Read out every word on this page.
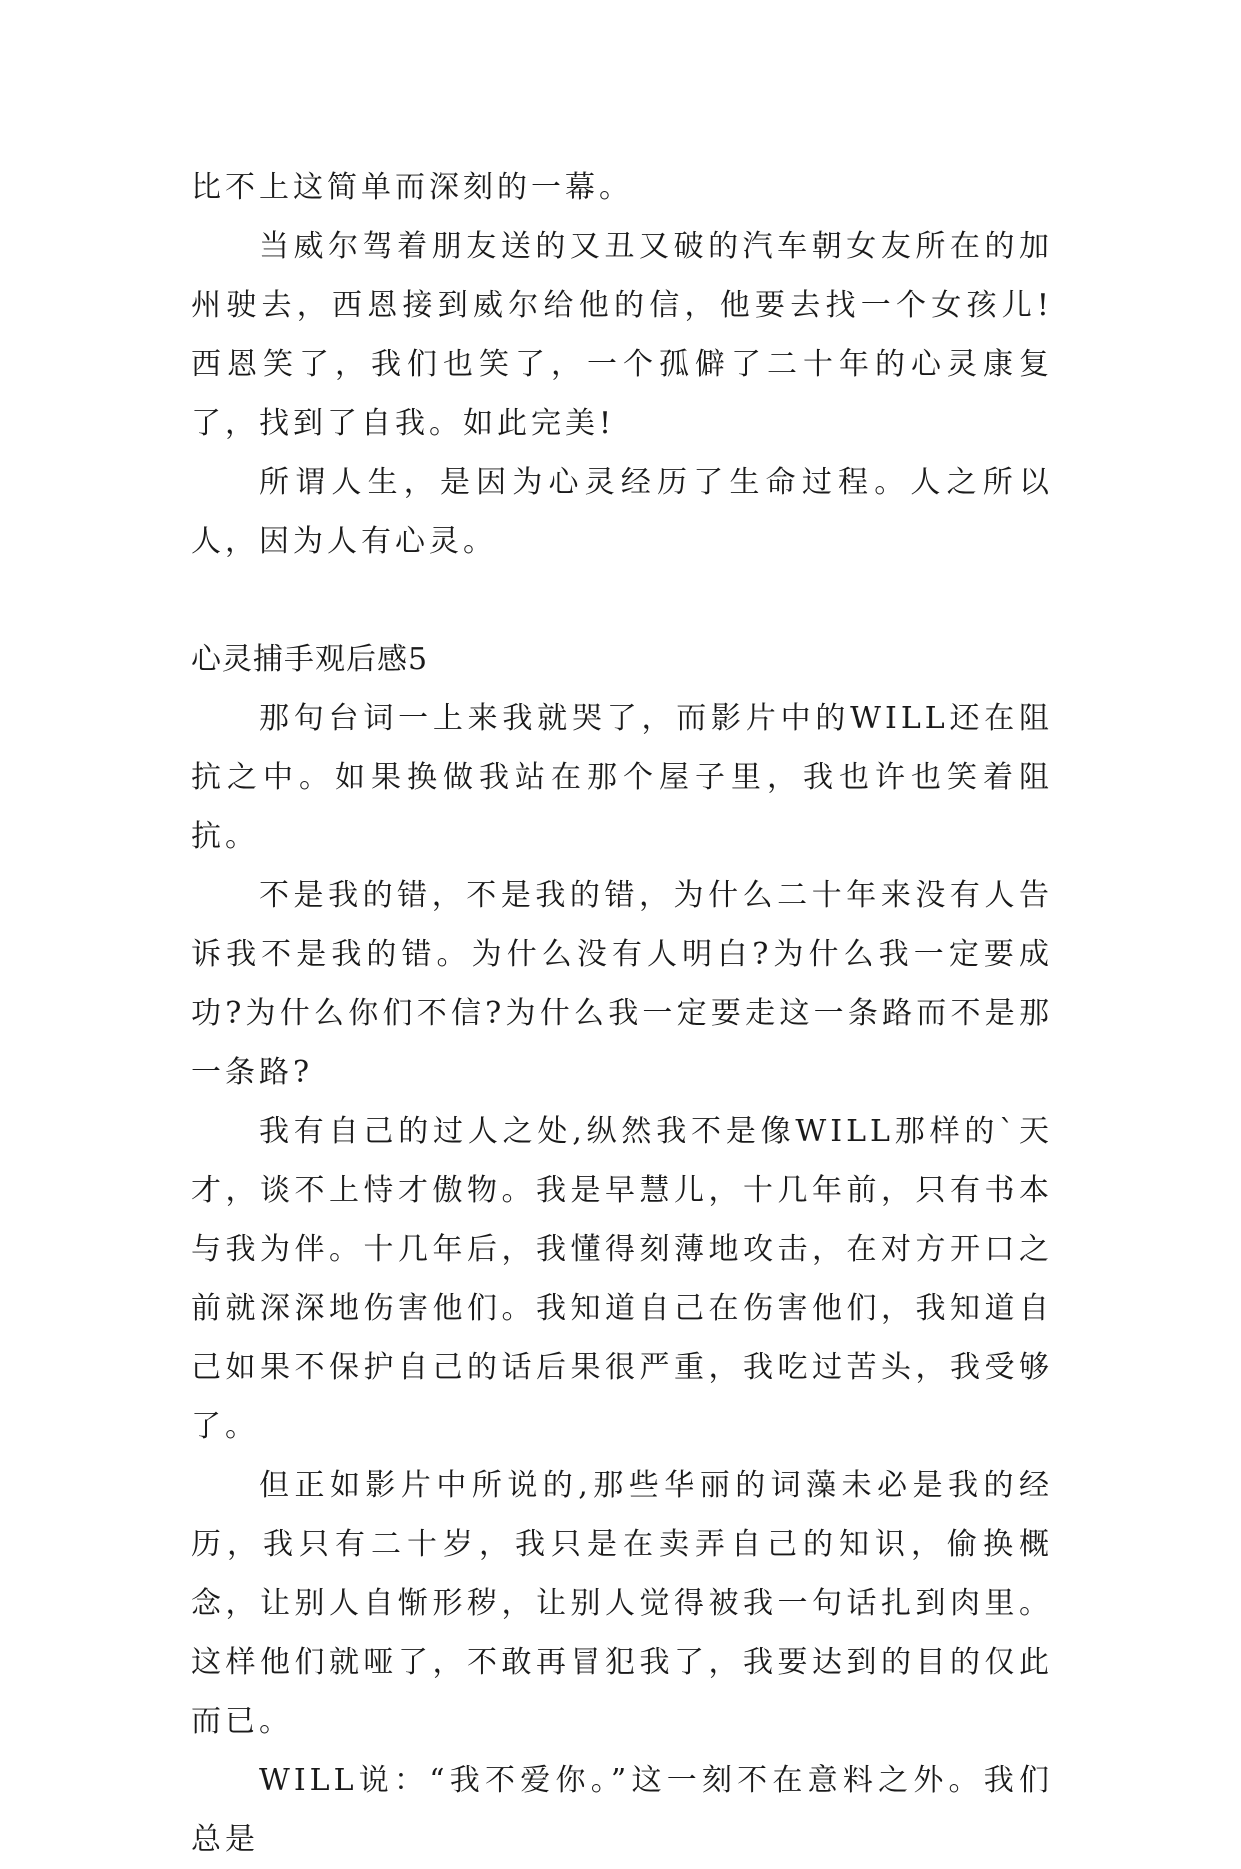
比不上这简单而深刻的一幕。

当威尔驾着朋友送的又丑又破的汽车朝女友所在的加州驶去，西恩接到威尔给他的信，他要去找一个女孩儿!西恩笑了，我们也笑了，一个孤僻了二十年的心灵康复了，找到了自我。如此完美!

所谓人生，是因为心灵经历了生命过程。人之所以人，因为人有心灵。

心灵捕手观后感5

那句台词一上来我就哭了，而影片中的WILL还在阻抗之中。如果换做我站在那个屋子里，我也许也笑着阻抗。

不是我的错，不是我的错，为什么二十年来没有人告诉我不是我的错。为什么没有人明白?为什么我一定要成功?为什么你们不信?为什么我一定要走这一条路而不是那一条路?

我有自己的过人之处,纵然我不是像WILL那样的`天才，谈不上恃才傲物。我是早慧儿，十几年前，只有书本与我为伴。十几年后，我懂得刻薄地攻击，在对方开口之前就深深地伤害他们。我知道自己在伤害他们，我知道自己如果不保护自己的话后果很严重，我吃过苦头，我受够了。

但正如影片中所说的,那些华丽的词藻未必是我的经历，我只有二十岁，我只是在卖弄自己的知识，偷换概念，让别人自惭形秽，让别人觉得被我一句话扎到肉里。这样他们就哑了，不敢再冒犯我了，我要达到的目的仅此而已。

WILL说：“我不爱你。”这一刻不在意料之外。我们总是
